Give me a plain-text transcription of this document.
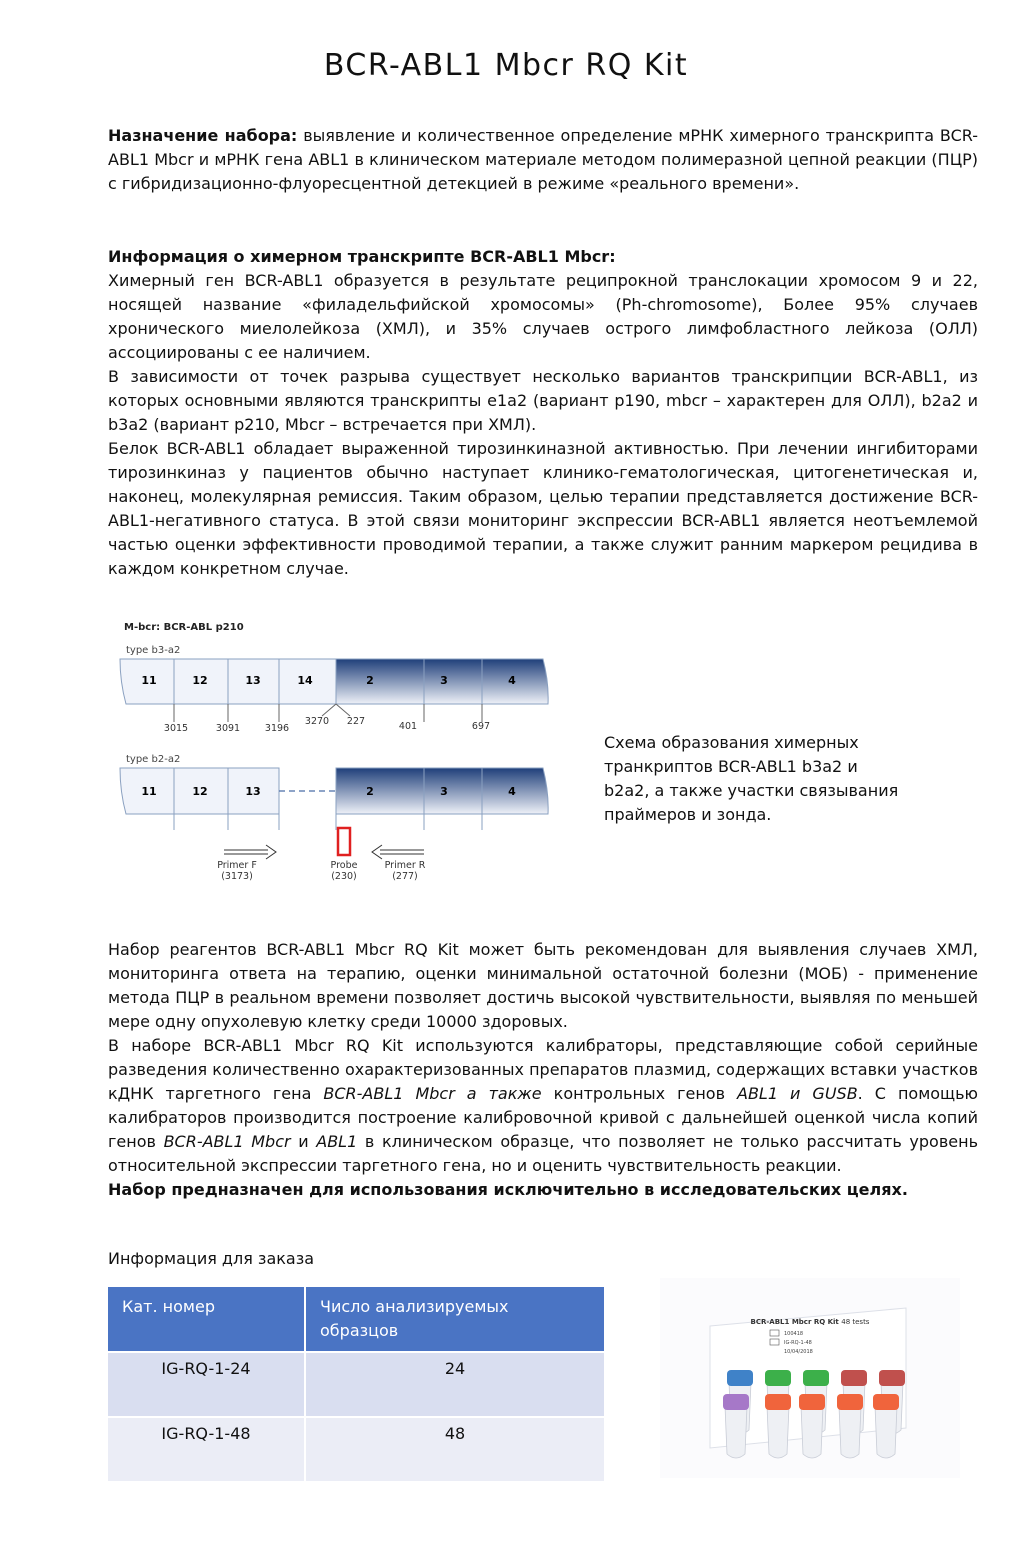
BCR-ABL1 Mbcr RQ Kit
Назначение набора: выявление и количественное определение мРНК химерного транскрипта BCR-ABL1 Mbcr и мРНК гена ABL1 в клиническом материале методом полимеразной цепной реакции (ПЦР) с гибридизационно-флуоресцентной детекцией в режиме «реального времени».
Информация о химерном транскрипте BCR-ABL1 Mbcr:
Химерный ген BCR-ABL1 образуется в результате реципрокной транслокации хромосом 9 и 22, носящей название «филадельфийской хромосомы» (Ph-chromosome), Более 95% случаев хронического миелолейкоза (ХМЛ), и 35% случаев острого лимфобластного лейкоза (ОЛЛ) ассоциированы с ее наличием.
В зависимости от точек разрыва существует несколько вариантов транскрипции BCR-ABL1, из которых основными являются транскрипты e1a2 (вариант p190, mbcr – характерен для ОЛЛ), b2a2 и b3a2 (вариант p210, Mbcr – встречается при ХМЛ).
Белок BCR-ABL1 обладает выраженной тирозинкиназной активностью. При лечении ингибиторами тирозинкиназ у пациентов обычно наступает клинико-гематологическая, цитогенетическая и, наконец, молекулярная ремиссия. Таким образом, целью терапии представляется достижение BCR-ABL1-негативного статуса. В этой связи мониторинг экспрессии BCR-ABL1 является неотъемлемой частью оценки эффективности проводимой терапии, а также служит ранним маркером рецидива в каждом конкретном случае.
M-bcr: BCR-ABL p210
type b3-a2
11	12	13	14	2	3	4
3015	3091	3196
3270 227	401	697
type b2-a2
11	12	13	2	3	4
Primer F
(3173)
Probe
(230)
Primer R
(277)
Схема образования химерных
транкриптов BCR-ABL1 b3a2 и
b2a2, а также участки связывания
праймеров и зонда.
Набор реагентов BCR-ABL1 Mbcr RQ Kit может быть рекомендован для выявления случаев ХМЛ, мониторинга ответа на терапию, оценки минимальной остаточной болезни (МОБ) - применение метода ПЦР в реальном времени позволяет достичь высокой чувствительности, выявляя по меньшей мере одну опухолевую клетку среди 10000 здоровых.
В наборе BCR-ABL1 Mbcr RQ Kit используются калибраторы, представляющие собой серийные разведения количественно охарактеризованных препаратов плазмид, содержащих вставки участков кДНК таргетного гена BCR-ABL1 Mbcr а также контрольных генов ABL1 и GUSB. С помощью калибраторов производится построение калибровочной кривой с дальнейшей оценкой числа копий генов BCR-ABL1 Mbcr и ABL1 в клиническом образце, что позволяет не только рассчитать уровень относительной экспрессии таргетного гена, но и оценить чувствительность реакции.
Набор предназначен для использования исключительно в исследовательских целях.
Информация для заказа
Кат. номер	Число анализируемых образцов
IG-RQ-1-24	24
IG-RQ-1-48	48
BCR-ABL1 Mbcr RQ Kit 48 tests
100418
IG-RQ-1-48
10/04/2018
